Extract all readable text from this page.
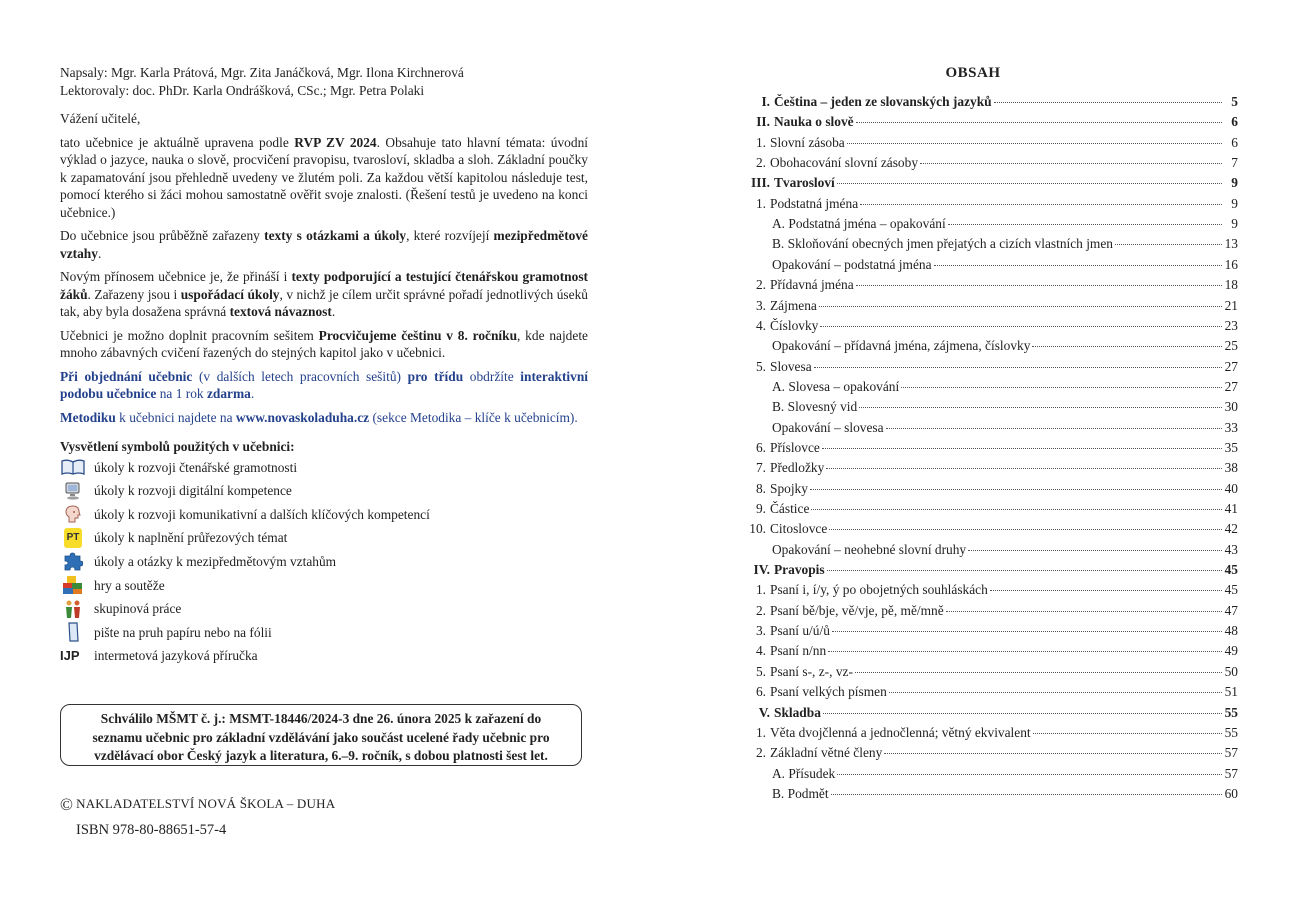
Napsaly: Mgr. Karla Prátová, Mgr. Zita Janáčková, Mgr. Ilona Kirchnerová

Lektorovaly: doc. PhDr. Karla Ondrášková, CSc.; Mgr. Petra Polaki

Vážení učitelé,

tato učebnice je aktuálně upravena podle RVP ZV 2024. Obsahuje tato hlavní témata: úvodní výklad o jazyce, nauka o slově, procvičení pravopisu, tvarosloví, skladba a sloh. Základní poučky k zapamatování jsou přehledně uvedeny ve žlutém poli. Za každou větší kapitolou následuje test, pomocí kterého si žáci mohou samostatně ověřit svoje znalosti. (Řešení testů je uvedeno na konci učebnice.)

Do učebnice jsou průběžně zařazeny texty s otázkami a úkoly, které rozvíjejí mezipředmětové vztahy.

Novým přínosem učebnice je, že přináší i texty podporující a testující čtenářskou gramotnost žáků. Zařazeny jsou i uspořádací úkoly, v nichž je cílem určit správné pořadí jednotlivých úseků tak, aby byla dosažena správná textová návaznost.

Učebnici je možno doplnit pracovním sešitem Procvičujeme češtinu v 8. ročníku, kde najdete mnoho zábavných cvičení řazených do stejných kapitol jako v učebnici.

Při objednání učebnic (v dalších letech pracovních sešitů) pro třídu obdržíte interaktivní podobu učebnice na 1 rok zdarma.

Metodiku k učebnici najdete na www.novaskoladuha.cz (sekce Metodika – klíče k učebnicím).

Vysvětlení symbolů použitých v učebnici:

úkoly k rozvoji čtenářské gramotnosti
úkoly k rozvoji digitální kompetence
úkoly k rozvoji komunikativní a dalších klíčových kompetencí
PT úkoly k naplnění průřezových témat
úkoly a otázky k mezipředmětovým vztahům
hry a soutěže
skupinová práce
pište na pruh papíru nebo na fólii
IJP	intermetová jazyková příručka
Schválilo MŠMT č. j.: MSMT-18446/2024-3 dne 26. února 2025 k zařazení do
seznamu učebnic pro základní vzdělávání jako součást ucelené řady učebnic pro
vzdělávací obor Český jazyk a literatura, 6.–9. ročník, s dobou platnosti šest let.
© NAKLADATELSTVÍ NOVÁ ŠKOLA – DUHA
ISBN 978-80-88651-57-4
OBSAH
I. Čeština – jeden ze slovanských jazyků	5
II. Nauka o slově	6
1. Slovní zásoba	6
2. Obohacování slovní zásoby	7
III. Tvarosloví	9
1. Podstatná jména	9
A. Podstatná jména – opakování	9
B. Skloňování obecných jmen přejatých a cizích vlastních jmen	13
Opakování – podstatná jména	16
2. Přídavná jména	18
3. Zájmena	21
4. Číslovky	23
Opakování – přídavná jména, zájmena, číslovky	25
5. Slovesa	27
A. Slovesa – opakování	27
B. Slovesný vid	30
Opakování – slovesa	33
6. Příslovce	35
7. Předložky	38
8. Spojky	40
9. Částice	41
10. Citoslovce	42
Opakování – neohebné slovní druhy	43
IV. Pravopis	45
1. Psaní i, í/y, ý po obojetných souhláskách	45
2. Psaní bě/bje, vě/vje, pě, mě/mně	47
3. Psaní u/ú/ů	48
4. Psaní n/nn	49
5. Psaní s-, z-, vz-	50
6. Psaní velkých písmen	51
V. Skladba	55
1. Věta dvojčlenná a jednočlenná; větný ekvivalent	55
2. Základní větné členy	57
A. Přísudek	57
B. Podmět	60
